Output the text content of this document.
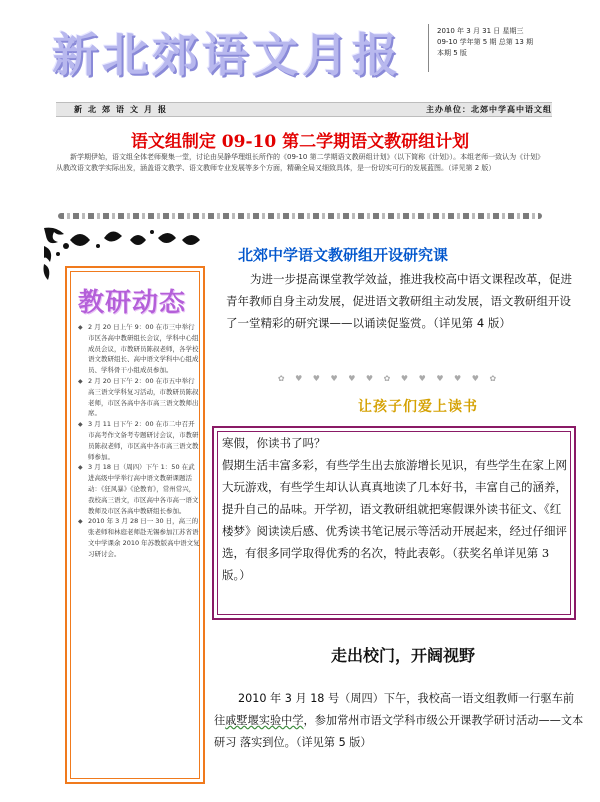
新北郊语文月报	2010 年 3 月 31 日 星期三
09-10 学年第 5 期 总第 13 期
本期 5 版
新北郊语文月报	主办单位：北郊中学高中语文组
语文组制定 09-10 第二学期语文教研组计划
新学期伊始，语文组全体老师聚集一堂，讨论由吴静华理组长所作的《09-10 第二学期语文教研组计划》（以下简称《计划》）。本组老师一致认为《计划》从教改语文教学实际出发，涵盖语文教学、语文教师专业发展等多个方面，精确全局又细致具体，是一份切实可行的发展蓝图。（详见第 2 版）
教研动态
◆ 2 月 20 日上午 9：00 在市三中举行市区各高中教研组长会议，学科中心组成员会议，市教研员陈叔老师，各学校语文教研组长、高中语文学科中心组成员、学科骨干小组成员参加。
◆ 2 月 20 日下午 2：00 在市五中举行高三语文学科复习活动，市教研员陈叔老师，市区各高中各市高三语文教师出席。
◆ 3 月 11 日下午 2：00 在市二中召开市高考作文备考专题研讨会议，市教研员陈叔老师，市区高中各市高三语文教师参加。
◆ 3 月 18 日（周四）下午 1：50 在武进高级中学举行高中语文教研课题活动：《狂风暴》《论教育》，常州常兴，我校高三语文，市区高中各市高一语文教师及市区各高中教研组长参加。
◆ 2010 年 3 月 28 日一 30 日，高三的张老师和林庭老师赴无锡参加江苏省语文中学课余 2010 年苏教版高中语文复习研讨会。
北郊中学语文教研组开设研究课
为进一步提高课堂教学效益，推进我校高中语文课程改革，促进青年教师自身主动发展，促进语文教研组主动发展，语文教研组开设了一堂精彩的研究课——以诵读促鉴赏。（详见第 4 版）
✿ ♥ ♥ ♥ ♥ ♥ ✿ ♥ ♥ ♥ ♥ ♥ ✿
让孩子们爱上读书
寒假，你读书了吗？
假期生活丰富多彩，有些学生出去旅游增长见识，有些学生在家上网大玩游戏，有些学生却认认真真地读了几本好书，丰富自己的涵养，提升自己的品味。开学初，语文教研组就把寒假课外读书征文、《红楼梦》阅读读后感、优秀读书笔记展示等活动开展起来，经过仔细评选，有很多同学取得优秀的名次，特此表彰。（获奖名单详见第 3 版。）
走出校门，开阔视野
2010 年 3 月 18 号（周四）下午，我校高一语文组教师一行驱车前往戚墅堰实验中学，参加常州市语文学科市级公开课教学研讨活动——文本研习 落实到位。（详见第 5 版）
